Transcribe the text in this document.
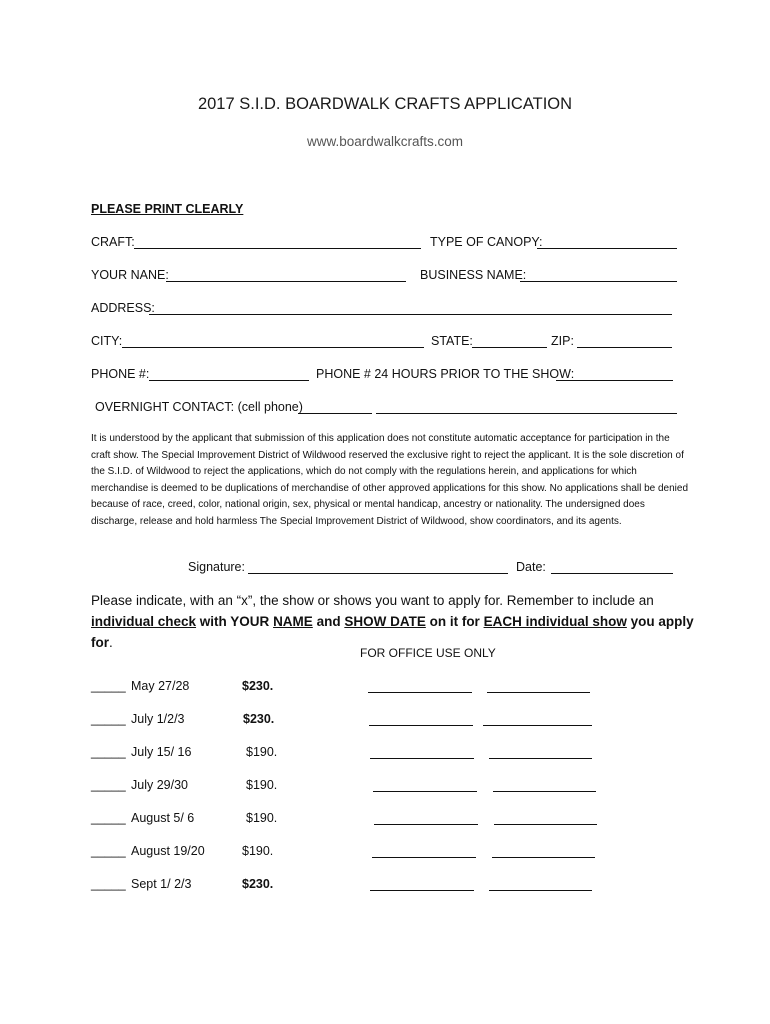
2017 S.I.D. BOARDWALK CRAFTS APPLICATION
www.boardwalkcrafts.com
PLEASE PRINT CLEARLY
CRAFT:	TYPE OF CANOPY:
YOUR NANE:	BUSINESS NAME:
ADDRESS:
CITY:	STATE:	ZIP:
PHONE #:	PHONE # 24 HOURS PRIOR TO THE SHOW:
OVERNIGHT CONTACT: (cell phone)
It is understood by the applicant that submission of this application does not constitute automatic acceptance for participation in the craft show. The Special Improvement District of Wildwood reserved the exclusive right to reject the applicant. It is the sole discretion of the S.I.D. of Wildwood to reject the applications, which do not comply with the regulations herein, and applications for which merchandise is deemed to be duplications of merchandise of other approved applications for this show. No applications shall be denied because of race, creed, color, national origin, sex, physical or mental handicap, ancestry or nationality. The undersigned does discharge, release and hold harmless The Special Improvement District of Wildwood, show coordinators, and its agents.
Signature:	Date:
Please indicate, with an “x”, the show or shows you want to apply for. Remember to include an
individual check with YOUR NAME and SHOW DATE on it for EACH individual show you apply for.
FOR OFFICE USE ONLY
_____ May 27/28	$230.
_____ July 1/2/3	$230.
_____ July 15/ 16	$190.
_____ July 29/30	$190.
_____ August 5/ 6	$190.
_____ August 19/20	$190.
_____ Sept 1/ 2/3	$230.
